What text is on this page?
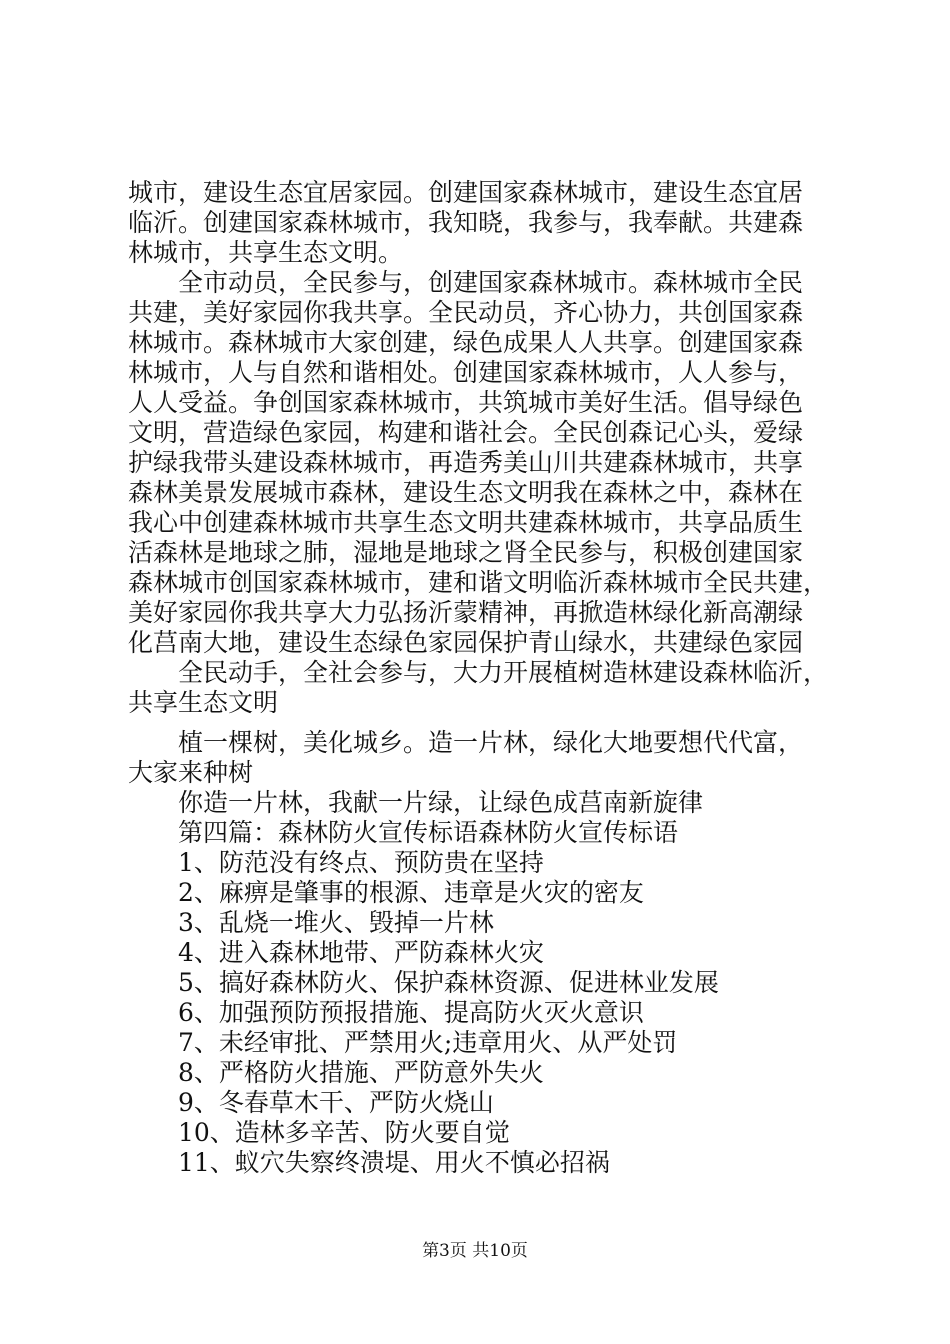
城市，建设生态宜居家园。创建国家森林城市，建设生态宜居
临沂。创建国家森林城市，我知晓，我参与，我奉献。共建森
林城市，共享生态文明。
全市动员，全民参与，创建国家森林城市。森林城市全民
共建，美好家园你我共享。全民动员，齐心协力，共创国家森
林城市。森林城市大家创建，绿色成果人人共享。创建国家森
林城市，人与自然和谐相处。创建国家森林城市，人人参与，
人人受益。争创国家森林城市，共筑城市美好生活。倡导绿色
文明，营造绿色家园，构建和谐社会。全民创森记心头，爱绿
护绿我带头建设森林城市，再造秀美山川共建森林城市，共享
森林美景发展城市森林，建设生态文明我在森林之中，森林在
我心中创建森林城市共享生态文明共建森林城市，共享品质生
活森林是地球之肺，湿地是地球之肾全民参与，积极创建国家
森林城市创国家森林城市，建和谐文明临沂森林城市全民共建，
美好家园你我共享大力弘扬沂蒙精神，再掀造林绿化新高潮绿
化莒南大地，建设生态绿色家园保护青山绿水，共建绿色家园
全民动手，全社会参与，大力开展植树造林建设森林临沂，
共享生态文明
植一棵树，美化城乡。造一片林，绿化大地要想代代富，
大家来种树
你造一片林，我献一片绿，让绿色成莒南新旋律
第四篇：森林防火宣传标语森林防火宣传标语
1、防范没有终点、预防贵在坚持
2、麻痹是肇事的根源、违章是火灾的密友
3、乱烧一堆火、毁掉一片林
4、进入森林地带、严防森林火灾
5、搞好森林防火、保护森林资源、促进林业发展
6、加强预防预报措施、提高防火灭火意识
7、未经审批、严禁用火;违章用火、从严处罚
8、严格防火措施、严防意外失火
9、冬春草木干、严防火烧山
10、造林多辛苦、防火要自觉
11、蚁穴失察终溃堤、用火不慎必招祸
第3页 共10页
